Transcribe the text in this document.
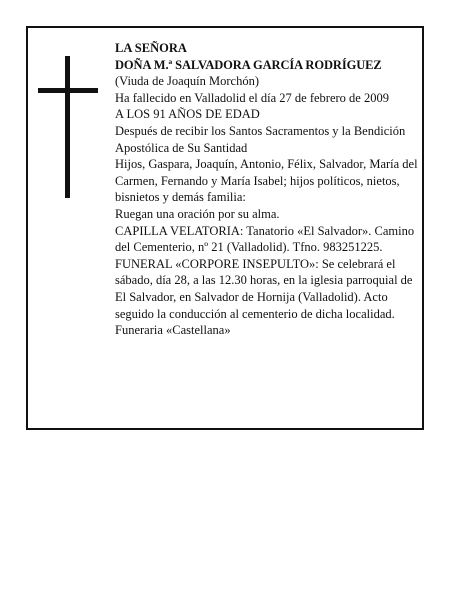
LA SEÑORA

DOÑA M.ª SALVADORA GARCÍA RODRÍGUEZ

(Viuda de Joaquín Morchón)

Ha fallecido en Valladolid el día 27 de febrero de 2009

A LOS 91 AÑOS DE EDAD

Después de recibir los Santos Sacramentos y la Bendición Apostólica de Su Santidad

Hijos, Gaspara, Joaquín, Antonio, Félix, Salvador, María del Carmen, Fernando y María Isabel; hijos políticos, nietos, bisnietos y demás familia:

Ruegan una oración por su alma.

CAPILLA VELATORIA: Tanatorio «El Salvador». Camino del Cementerio, nº 21 (Valladolid). Tfno. 983251225.

FUNERAL «CORPORE INSEPULTO»: Se celebrará el sábado, día 28, a las 12.30 horas, en la iglesia parroquial de El Salvador, en Salvador de Hornija (Valladolid). Acto seguido la conducción al cementerio de dicha localidad.

Funeraria «Castellana»
